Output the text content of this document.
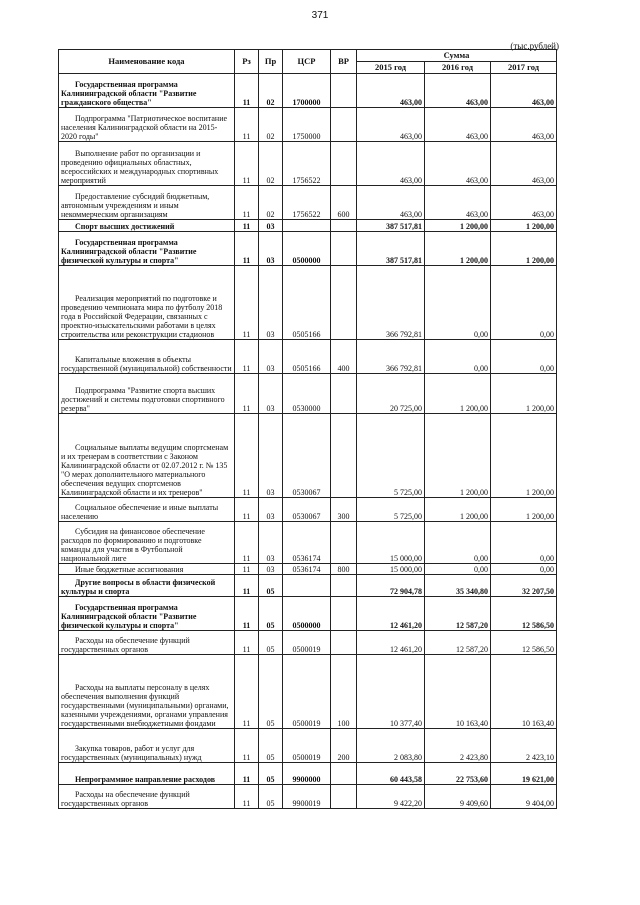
371
(тыс.рублей)
Наименование кода	Рз	Пр	ЦСР	ВР	Сумма		
					2015 год	2016 год	2017 год
Государственная программа Калининградской области "Развитие гражданского общества"	11	02	1700000		463,00	463,00	463,00
Подпрограмма "Патриотическое воспитание населения Калининградской области на 2015-2020 годы"	11	02	1750000		463,00	463,00	463,00
Выполнение работ по организации и проведению официальных областных, всероссийских и международных спортивных мероприятий	11	02	1756522		463,00	463,00	463,00
Предоставление субсидий бюджетным, автономным учреждениям и иным некоммерческим организациям	11	02	1756522	600	463,00	463,00	463,00
Спорт высших достижений	11	03			387 517,81	1 200,00	1 200,00
Государственная программа Калининградской области "Развитие физической культуры и спорта"	11	03	0500000		387 517,81	1 200,00	1 200,00
Реализация мероприятий по подготовке и проведению чемпионата мира по футболу 2018 года в Российской Федерации, связанных с проектно-изыскательскими работами в целях строительства или реконструкции стадионов	11	03	0505166		366 792,81	0,00	0,00
Капитальные вложения в объекты государственной (муниципальной) собственности	11	03	0505166	400	366 792,81	0,00	0,00
Подпрограмма "Развитие спорта высших достижений и системы подготовки спортивного резерва"	11	03	0530000		20 725,00	1 200,00	1 200,00
Социальные выплаты ведущим спортсменам и их тренерам в соответствии с Законом Калининградской области от 02.07.2012 г. № 135 "О мерах дополнительного материального обеспечения ведущих спортсменов Калининградской области и их тренеров"	11	03	0530067		5 725,00	1 200,00	1 200,00
Социальное обеспечение и иные выплаты населению	11	03	0530067	300	5 725,00	1 200,00	1 200,00
Субсидия на финансовое обеспечение расходов по формированию и подготовке команды для участия в Футбольной национальной лиге	11	03	0536174		15 000,00	0,00	0,00
Иные бюджетные ассигнования	11	03	0536174	800	15 000,00	0,00	0,00
Другие вопросы в области физической культуры и спорта	11	05			72 904,78	35 340,80	32 207,50
Государственная программа Калининградской области "Развитие физической культуры и спорта"	11	05	0500000		12 461,20	12 587,20	12 586,50
Расходы на обеспечение функций государственных органов	11	05	0500019		12 461,20	12 587,20	12 586,50
Расходы на выплаты персоналу в целях обеспечения выполнения функций государственными (муниципальными) органами, казенными учреждениями, органами управления государственными внебюджетными фондами	11	05	0500019	100	10 377,40	10 163,40	10 163,40
Закупка товаров, работ и услуг для государственных (муниципальных) нужд	11	05	0500019	200	2 083,80	2 423,80	2 423,10
Непрограммное направление расходов	11	05	9900000		60 443,58	22 753,60	19 621,00
Расходы на обеспечение функций государственных органов	11	05	9900019		9 422,20	9 409,60	9 404,00
